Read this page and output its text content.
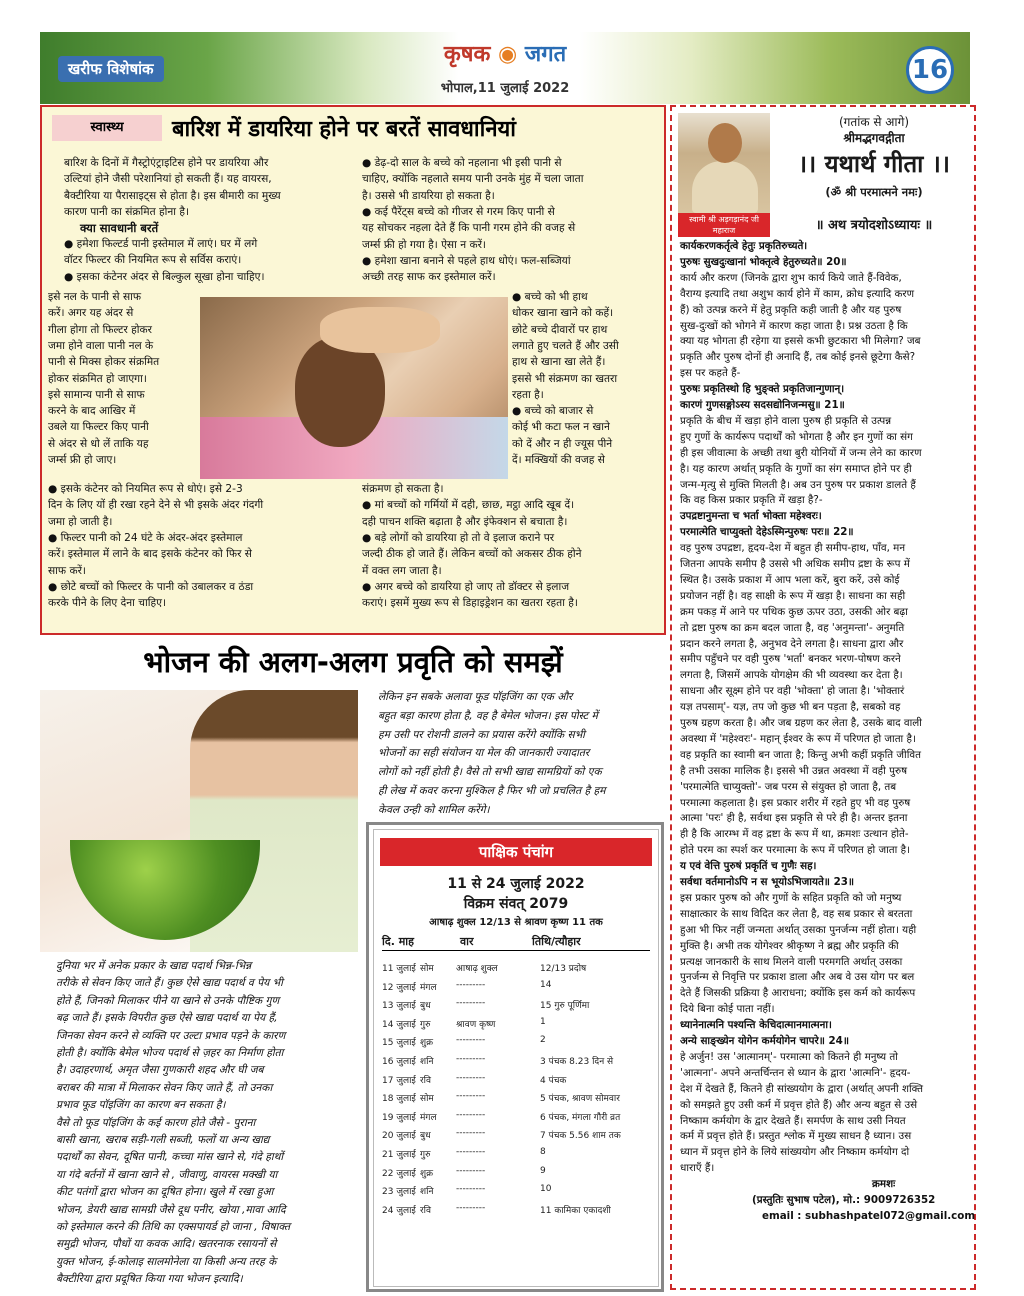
खरीफ विशेषांक
कृषक ◉ जगत
भोपाल,11 जुलाई 2022
16
स्वास्थ्य	बारिश में डायरिया होने पर बरतें सावधानियां
बारिश के दिनों में गैस्ट्रोएंट्राइटिस होने पर डायरिया और
उल्टियां होने जैसी परेशानियां हो सकती हैं। यह वायरस,
बैक्टीरिया या पैरासाइट्स से होता है। इस बीमारी का मुख्य
कारण पानी का संक्रमित होना है।
क्या सावधानी बरतें
● हमेशा फिल्टर्ड पानी इस्तेमाल में लाएं। घर में लगे
वॉटर फिल्टर की नियमित रूप से सर्विस कराएं।
● इसका कंटेनर अंदर से बिल्कुल सूखा होना चाहिए।
इसे नल के पानी से साफ
करें। अगर यह अंदर से
गीला होगा तो फिल्टर होकर
जमा होने वाला पानी नल के
पानी से मिक्स होकर संक्रमित
होकर संक्रमित हो जाएगा।
इसे सामान्य पानी से साफ
करने के बाद आखिर में
उबले या फिल्टर किए पानी
से अंदर से धो लें ताकि यह
जर्म्स फ्री हो जाए।
● इसके कंटेनर को नियमित रूप से धोएं। इसे 2-3
दिन के लिए यों ही रखा रहने देने से भी इसके अंदर गंदगी
जमा हो जाती है।
● फिल्टर पानी को 24 घंटे के अंदर-अंदर इस्तेमाल
करें। इस्तेमाल में लाने के बाद इसके कंटेनर को फिर से
साफ करें।
● छोटे बच्चों को फिल्टर के पानी को उबालकर व ठंडा
करके पीने के लिए देना चाहिए।
● डेढ़-दो साल के बच्चे को नहलाना भी इसी पानी से
चाहिए, क्योंकि नहलाते समय पानी उनके मुंह में चला जाता
है। उससे भी डायरिया हो सकता है।
● कई पैरेंट्स बच्चे को गीजर से गरम किए पानी से
यह सोचकर नहला देते हैं कि पानी गरम होने की वजह से
जर्म्स फ्री हो गया है। ऐसा न करें।
● हमेशा खाना बनाने से पहले हाथ धोएं। फल-सब्जियां
अच्छी तरह साफ कर इस्तेमाल करें।
● बच्चे को भी हाथ
धोकर खाना खाने को कहें।
छोटे बच्चे दीवारों पर हाथ
लगाते हुए चलते हैं और उसी
हाथ से खाना खा लेते हैं।
इससे भी संक्रमण का खतरा
रहता है।
● बच्चे को बाजार से
कोई भी कटा फल न खाने
को दें और न ही ज्यूस पीने
दें। मक्खियों की वजह से
संक्रमण हो सकता है।
● मां बच्चों को गर्मियों में दही, छाछ, मट्ठा आदि खूब दें।
दही पाचन शक्ति बढ़ाता है और इंफेक्शन से बचाता है।
● बड़े लोगों को डायरिया हो तो वे इलाज कराने पर
जल्दी ठीक हो जाते हैं। लेकिन बच्चों को अकसर ठीक होने
में वक्त लग जाता है।
● अगर बच्चे को डायरिया हो जाए तो डॉक्टर से इलाज
कराएं। इसमें मुख्य रूप से डिहाइड्रेशन का खतरा रहता है।
भोजन की अलग-अलग प्रवृति को समझें
लेकिन इन सबके अलावा फूड पॉइजिंग का एक और
बहुत बड़ा कारण होता है, वह है बेमेल भोजन। इस पोस्ट में
हम उसी पर रोशनी डालने का प्रयास करेंगे क्योंकि सभी
भोजनों का सही संयोजन या मेल की जानकारी ज्यादातर
लोगों को नहीं होती है। वैसे तो सभी खाद्य सामग्रियों को एक
ही लेख में कवर करना मुश्किल है फिर भी जो प्रचलित है हम
केवल उन्ही को शामिल करेंगे।
दुनिया भर में अनेक प्रकार के खाद्य पदार्थ भिन्न-भिन्न
तरीके से सेवन किए जाते हैं। कुछ ऐसे खाद्य पदार्थ व पेय भी
होते हैं, जिनको मिलाकर पीने या खाने से उनके पौष्टिक गुण
बढ़ जाते हैं। इसके विपरीत कुछ ऐसे खाद्य पदार्थ या पेय हैं,
जिनका सेवन करने से व्यक्ति पर उल्टा प्रभाव पड़ने के कारण
होती है। क्योंकि बेमेल भोज्य पदार्थ से ज़हर का निर्माण होता
है। उदाहरणार्थ, अमृत जैसा गुणकारी शहद और घी जब
बराबर की मात्रा में मिलाकर सेवन किए जाते हैं, तो उनका
प्रभाव फूड पॉइजिंग का कारण बन सकता है।
वैसे तो फूड पॉइजिंग के कई कारण होते जैसे - पुराना
बासी खाना, खराब सड़ी-गली सब्जी, फलों या अन्य खाद्य
पदार्थों का सेवन, दूषित पानी, कच्चा मांस खाने से, गंदे हाथों
या गंदे बर्तनों में खाना खाने से , जीवाणु, वायरस मक्खी या
कीट पतंगों द्वारा भोजन का दूषित होना। खुले में रखा हुआ
भोजन, डेयरी खाद्य सामग्री जैसे दूध पनीर, खोया ,मावा आदि
को इस्तेमाल करने की तिथि का एक्सपायर्ड हो जाना , विषाक्त
समुद्री भोजन, पौधों या कवक आदि। खतरनाक रसायनों से
युक्त भोजन, ई-कोलाइ सालमोनेला या किसी अन्य तरह के
बैक्टीरिया द्वारा प्रदूषित किया गया भोजन इत्यादि।
पाक्षिक पंचांग
11 से 24 जुलाई 2022
विक्रम संवत् 2079
आषाढ़ शुक्ल 12/13 से श्रावण कृष्ण 11 तक
दि. माह	वार	तिथि/त्यौहार
11 जुलाई सोम आषाढ़ शुक्ल	12/13 प्रदोष
12 जुलाई मंगल ---------	14
13 जुलाई बुध	---------	15 गुरु पूर्णिमा
14 जुलाई गुरु	श्रावण कृष्ण	1
15 जुलाई शुक्र	---------	2
16 जुलाई शनि	---------	3 पंचक 8.23 दिन से
17 जुलाई रवि	---------	4 पंचक
18 जुलाई सोम ---------	5 पंचक, श्रावण सोमवार
19 जुलाई मंगल ---------	6 पंचक, मंगला गौरी व्रत
20 जुलाई बुध	---------	7 पंचक 5.56 शाम तक
21 जुलाई गुरु	---------	8
22 जुलाई शुक्र	---------	9
23 जुलाई शनि	---------	10
24 जुलाई रवि	---------	11 कामिका एकादशी
स्वामी श्री अड़गड़ानंद जी महाराज
(गतांक से आगे)
श्रीमद्भगवद्गीता
।। यथार्थ गीता ।।
(ॐ श्री परमात्मने नमः)
॥ अथ त्रयोदशोऽध्यायः ॥
कार्यकरणकर्तृत्वे हेतुः प्रकृतिरुच्यते।
पुरुषः सुखदुःखानां भोक्तृत्वे हेतुरुच्यते॥ 20॥
कार्य और करण (जिनके द्वारा शुभ कार्य किये जाते हैं-विवेक,
वैराग्य इत्यादि तथा अशुभ कार्य होने में काम, क्रोध इत्यादि करण
हैं) को उत्पन्न करने में हेतु प्रकृति कही जाती है और यह पुरुष
सुख-दुःखों को भोगने में कारण कहा जाता है। प्रश्न उठता है कि
क्या यह भोगता ही रहेगा या इससे कभी छुटकारा भी मिलेगा? जब
प्रकृति और पुरुष दोनों ही अनादि हैं, तब कोई इनसे छूटेगा कैसे?
इस पर कहते हैं-
पुरुषः प्रकृतिस्थो हि भुङ्क्ते प्रकृतिजान्गुणान्।
कारणं गुणसङ्गोऽस्य सदसद्योनिजन्मसु॥ 21॥
प्रकृति के बीच में खड़ा होने वाला पुरुष ही प्रकृति से उत्पन्न
हुए गुणों के कार्यरूप पदार्थों को भोगता है और इन गुणों का संग
ही इस जीवात्मा के अच्छी तथा बुरी योनियों में जन्म लेने का कारण
है। यह कारण अर्थात् प्रकृति के गुणों का संग समाप्त होने पर ही
जन्म-मृत्यु से मुक्ति मिलती है। अब उन पुरुष पर प्रकाश डालते हैं
कि वह किस प्रकार प्रकृति में खड़ा है?-
उपद्रष्टानुमन्ता च भर्ता भोक्ता महेश्वरः।
परमात्मेति चाप्युक्तो देहेऽस्मिन्पुरुषः परः॥ 22॥
वह पुरुष उपद्रष्टा, हृदय-देश में बहुत ही समीप-हाथ, पाँव, मन
जितना आपके समीप है उससे भी अधिक समीप द्रष्टा के रूप में
स्थित है। उसके प्रकाश में आप भला करें, बुरा करें, उसे कोई
प्रयोजन नहीं है। वह साक्षी के रूप में खड़ा है। साधना का सही
क्रम पकड़ में आने पर पथिक कुछ ऊपर उठा, उसकी ओर बढ़ा
तो द्रष्टा पुरुष का क्रम बदल जाता है, वह 'अनुमन्ता'- अनुमति
प्रदान करने लगता है, अनुभव देने लगता है। साधना द्वारा और
समीप पहुँचने पर वही पुरुष 'भर्ता' बनकर भरण-पोषण करने
लगता है, जिसमें आपके योगक्षेम की भी व्यवस्था कर देता है।
साधना और सूक्ष्म होने पर वही 'भोक्ता' हो जाता है। 'भोक्तारं
यज्ञ तपसाम्'- यज्ञ, तप जो कुछ भी बन पड़ता है, सबको वह
पुरुष ग्रहण करता है। और जब ग्रहण कर लेता है, उसके बाद वाली
अवस्था में 'महेश्वरः'- महान् ईश्वर के रूप में परिणत हो जाता है।
वह प्रकृति का स्वामी बन जाता है; किन्तु अभी कहीं प्रकृति जीवित
है तभी उसका मालिक है। इससे भी उन्नत अवस्था में वही पुरुष
'परमात्मेति चाप्युक्तो'- जब परम से संयुक्त हो जाता है, तब
परमात्मा कहलाता है। इस प्रकार शरीर में रहते हुए भी वह पुरुष
आत्मा 'परः' ही है, सर्वथा इस प्रकृति से परे ही है। अन्तर इतना
ही है कि आरम्भ में वह द्रष्टा के रूप में था, क्रमशः उत्थान होते-
होते परम का स्पर्श कर परमात्मा के रूप में परिणत हो जाता है।
य एवं वेत्ति पुरुषं प्रकृतिं च गुणैः सह।
सर्वथा वर्तमानोऽपि न स भूयोऽभिजायते॥ 23॥
इस प्रकार पुरुष को और गुणों के सहित प्रकृति को जो मनुष्य
साक्षात्कार के साथ विदित कर लेता है, वह सब प्रकार से बरतता
हुआ भी फिर नहीं जन्मता अर्थात् उसका पुनर्जन्म नहीं होता। यही
मुक्ति है। अभी तक योगेश्वर श्रीकृष्ण ने ब्रह्म और प्रकृति की
प्रत्यक्ष जानकारी के साथ मिलने वाली परमगति अर्थात् उसका
पुनर्जन्म से निवृत्ति पर प्रकाश डाला और अब वे उस योग पर बल
देते हैं जिसकी प्रक्रिया है आराधना; क्योंकि इस कर्म को कार्यरूप
दिये बिना कोई पाता नहीं।
ध्यानेनात्मनि पश्यन्ति केचिदात्मानमात्मना।
अन्ये साङ्ख्येन योगेन कर्मयोगेन चापरे॥ 24॥
हे अर्जुन! उस 'आत्मानम्'- परमात्मा को कितने ही मनुष्य तो
'आत्मना'- अपने अन्तर्चिन्तन से ध्यान के द्वारा 'आत्मनि'- हृदय-
देश में देखते हैं, कितने ही सांख्ययोग के द्वारा (अर्थात् अपनी शक्ति
को समझते हुए उसी कर्म में प्रवृत्त होते हैं) और अन्य बहुत से उसे
निष्काम कर्मयोग के द्वार देखते हैं। समर्पण के साथ उसी नियत
कर्म में प्रवृत्त होते हैं। प्रस्तुत श्लोक में मुख्य साधन है ध्यान। उस
ध्यान में प्रवृत्त होने के लिये सांख्ययोग और निष्काम कर्मयोग दो
धाराएँ हैं।
क्रमशः
(प्रस्तुतिः सुभाष पटेल), मो.: 9009726352
email : subhashpatel072@gmail.com
